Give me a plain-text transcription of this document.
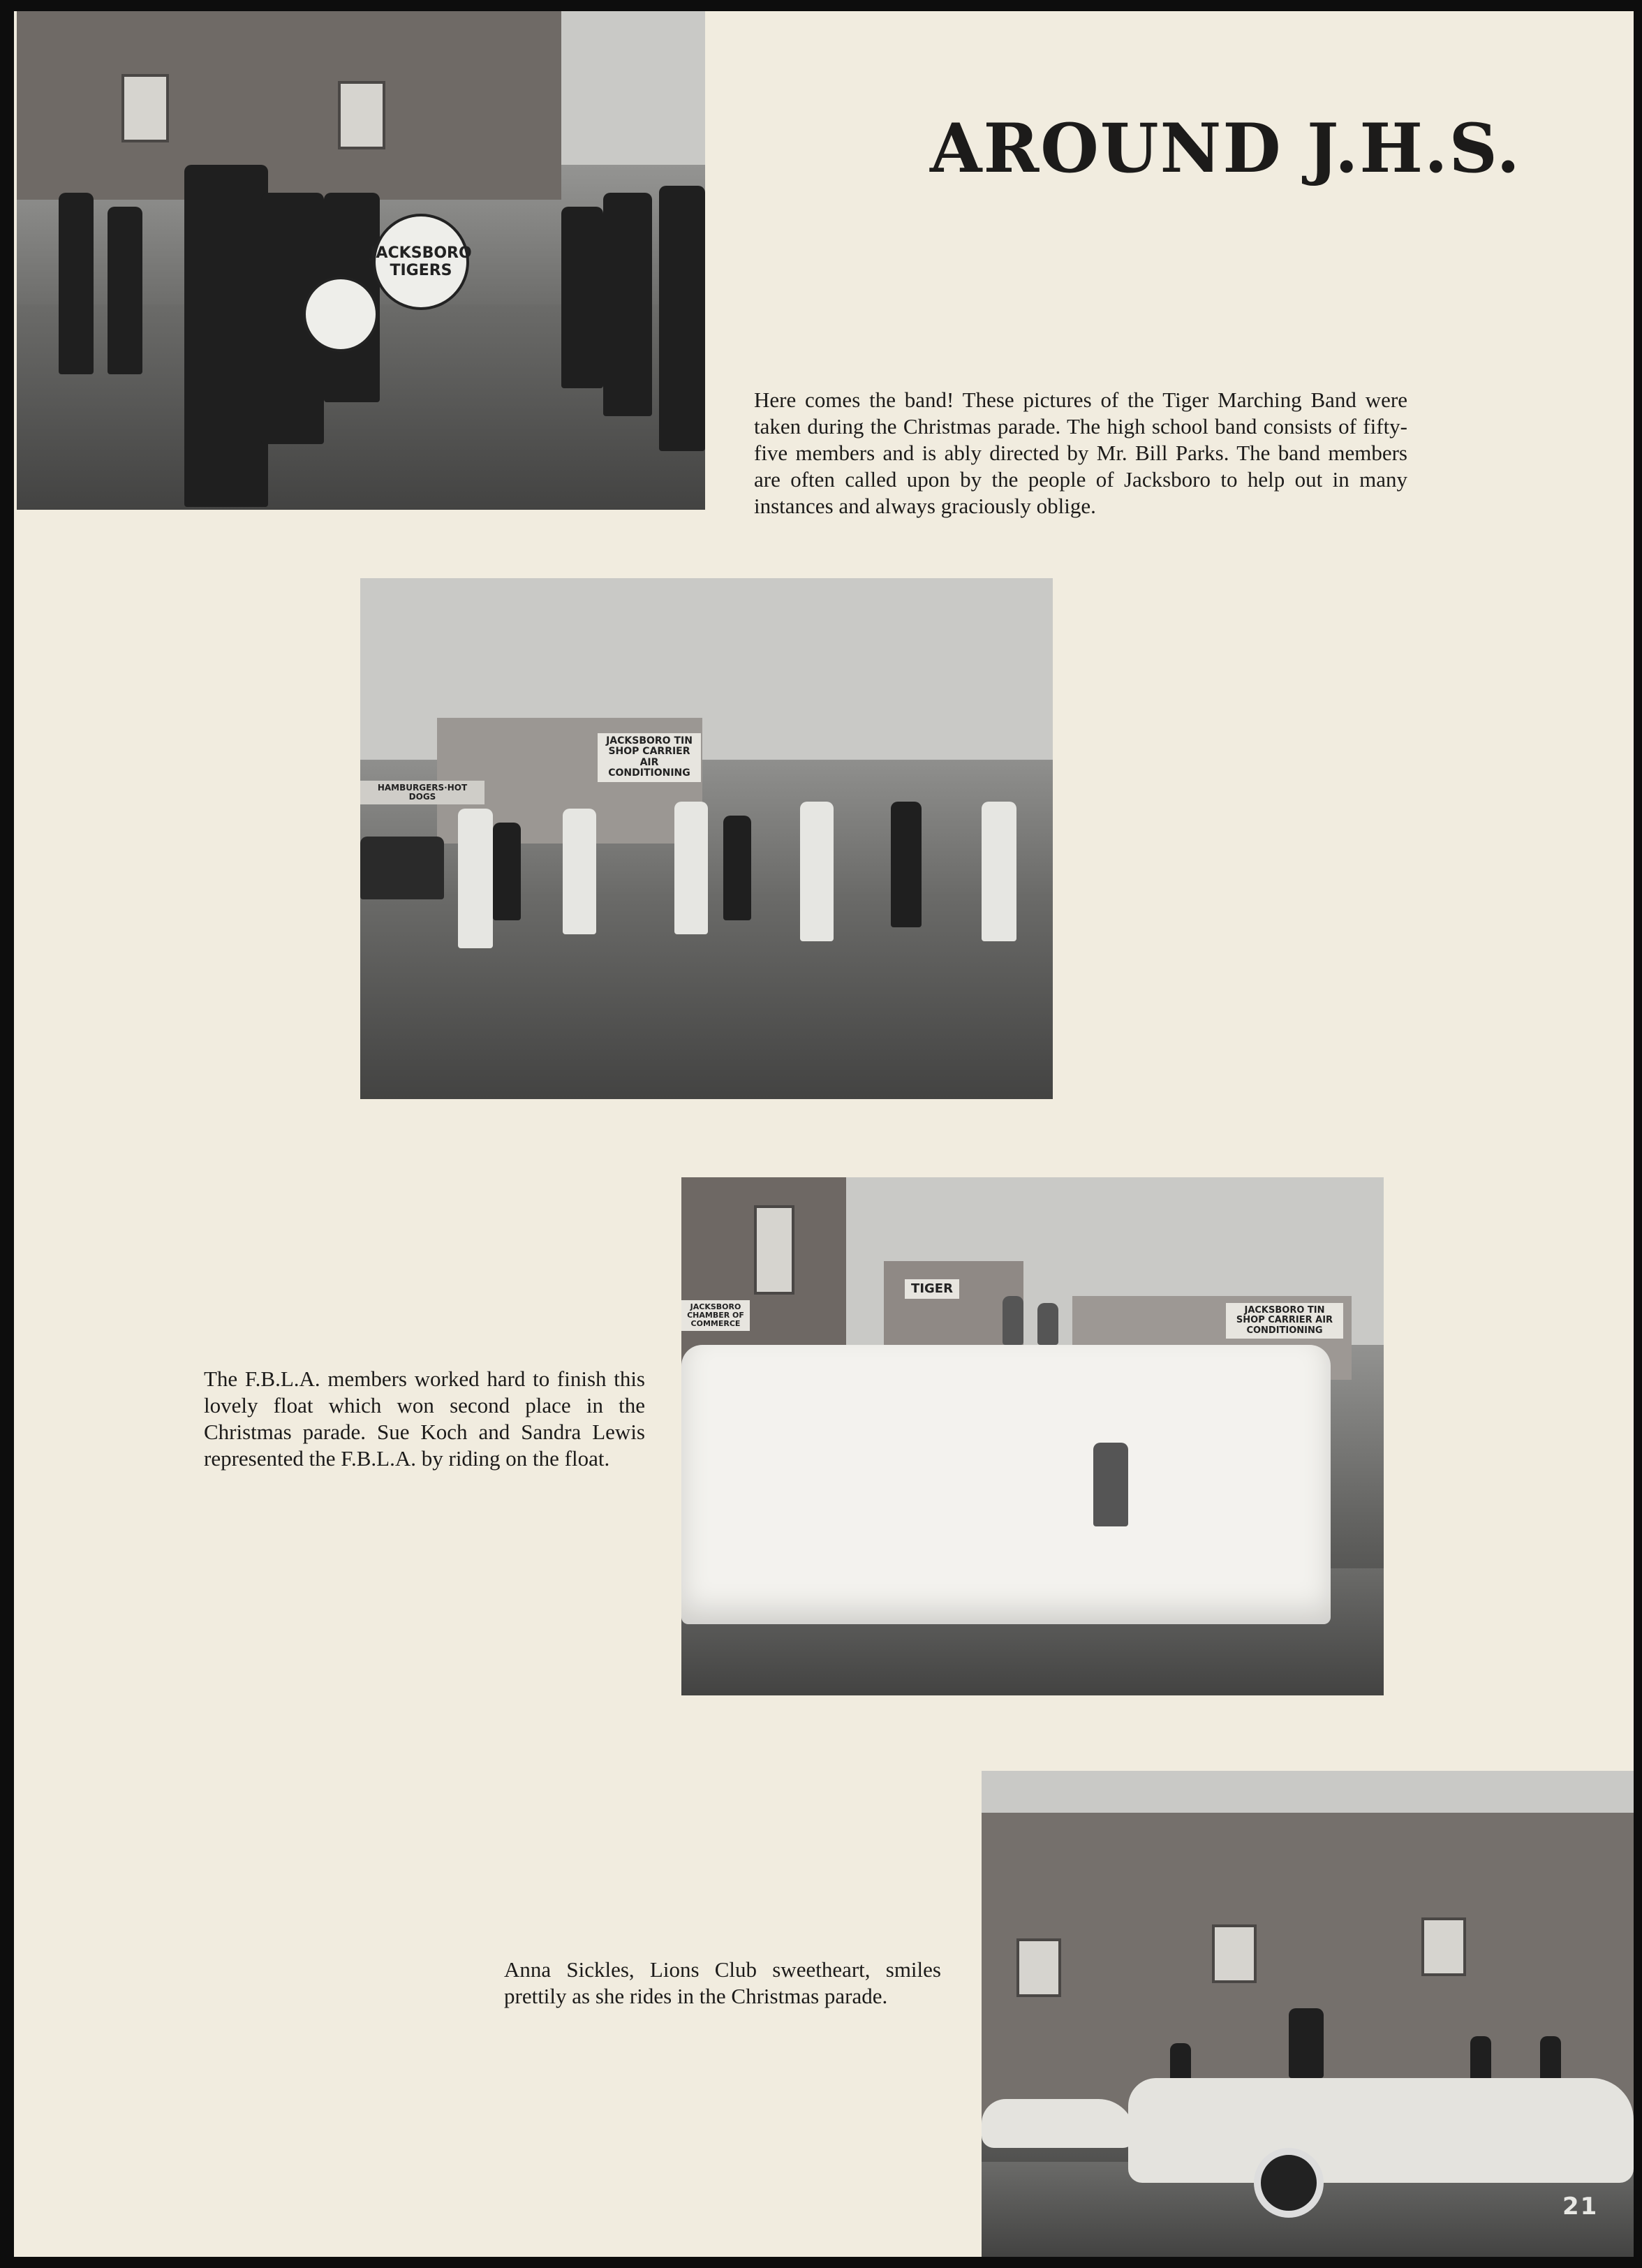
JACKSBORO TIGERS
AROUND J.H.S.
Here comes the band! These pictures of the Tiger Marching Band were taken during the Christmas parade. The high school band consists of fifty-five members and is ably directed by Mr. Bill Parks. The band members are often called upon by the people of Jacksboro to help out in many instances and always graciously oblige.
JACKSBORO TIN SHOP CARRIER AIR CONDITIONING
HAMBURGERS·HOT DOGS
JACKSBORO CHAMBER OF COMMERCE
TIGER
JACKSBORO TIN SHOP CARRIER AIR CONDITIONING
The F.B.L.A. members worked hard to finish this lovely float which won second place in the Christmas parade. Sue Koch and Sandra Lewis represented the F.B.L.A. by riding on the float.
21
Anna Sickles, Lions Club sweetheart, smiles prettily as she rides in the Christmas parade.
